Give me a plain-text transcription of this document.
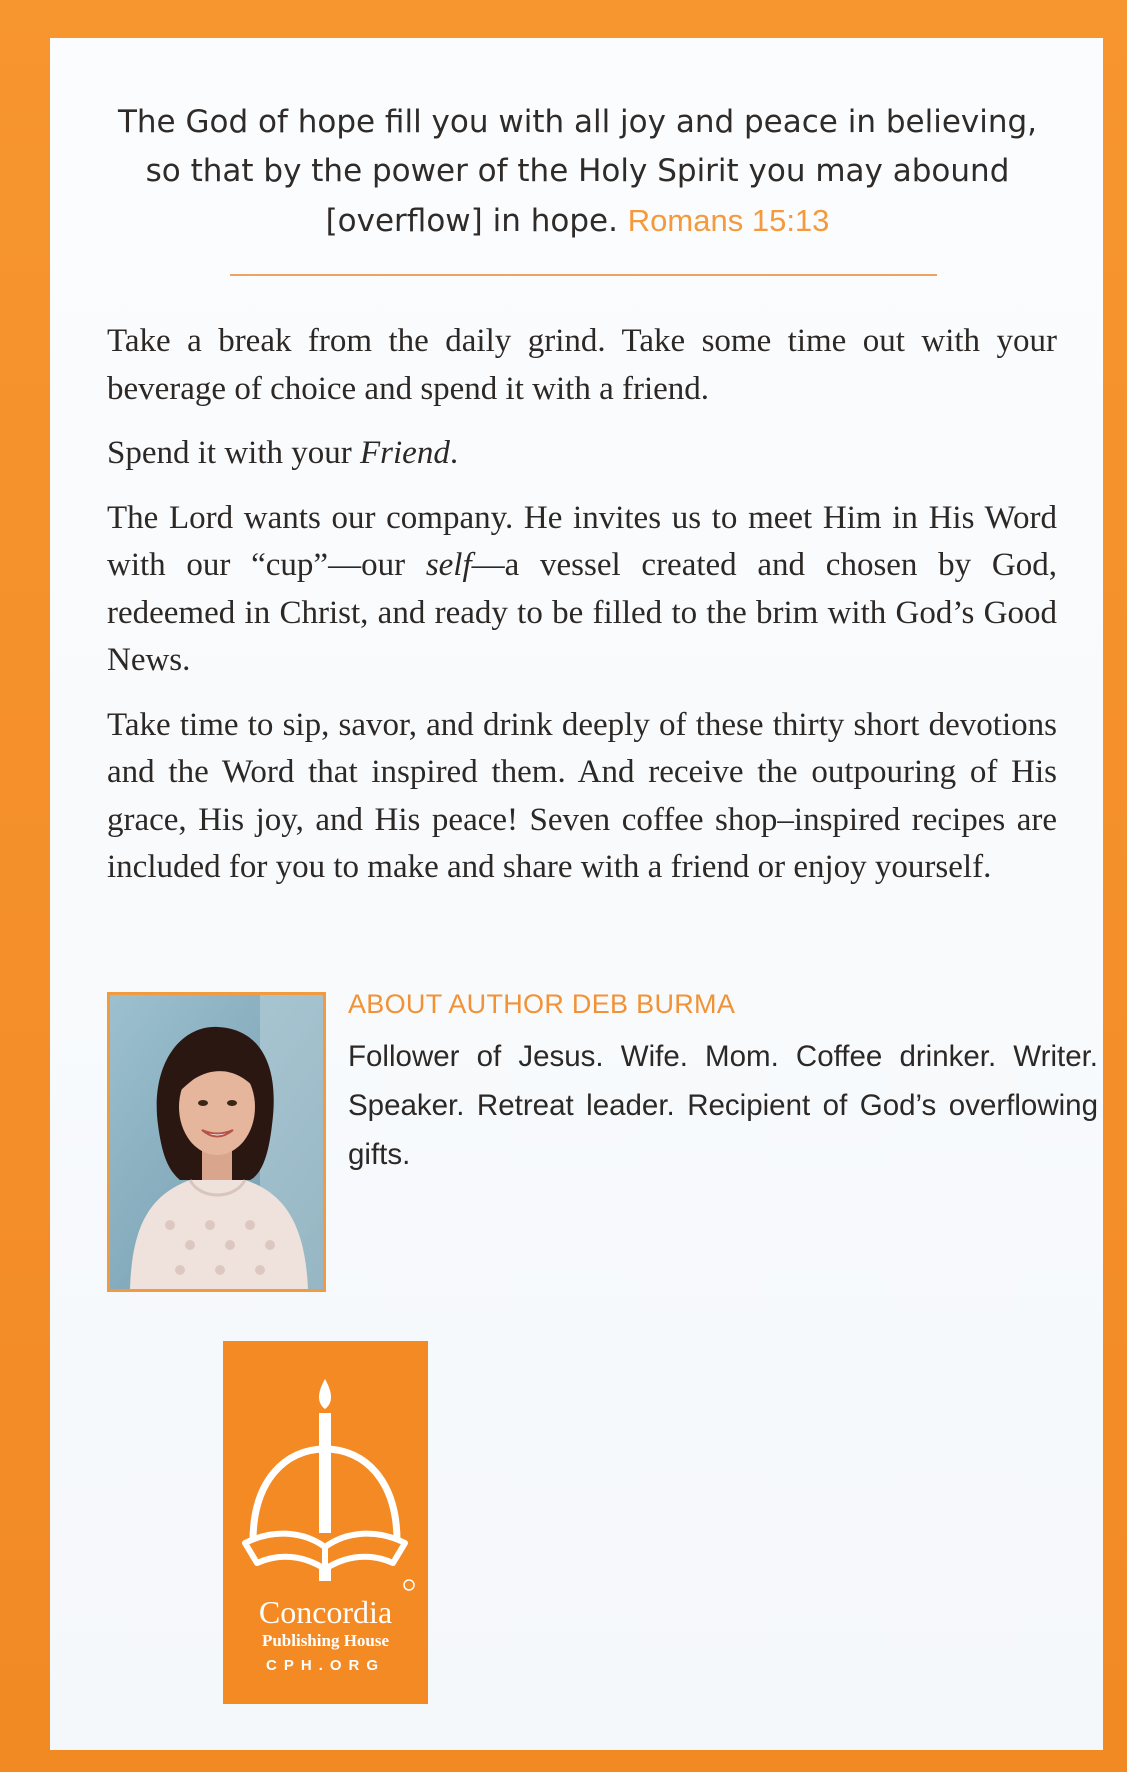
The God of hope fill you with all joy and peace in believing, so that by the power of the Holy Spirit you may abound [overflow] in hope. Romans 15:13

Take a break from the daily grind. Take some time out with your beverage of choice and spend it with a friend.

Spend it with your Friend.

The Lord wants our company. He invites us to meet Him in His Word with our “cup”—our self—a vessel created and chosen by God, redeemed in Christ, and ready to be filled to the brim with God’s Good News.

Take time to sip, savor, and drink deeply of these thirty short devotions and the Word that inspired them. And receive the outpouring of His grace, His joy, and His peace! Seven coffee shop–inspired recipes are included for you to make and share with a friend or enjoy yourself.

ABOUT AUTHOR DEB BURMA
Follower of Jesus. Wife. Mom. Coffee drinker. Writer. Speaker. Retreat leader. Recipient of God’s overflowing gifts.
Concordia
Publishing House
CPH.ORG
